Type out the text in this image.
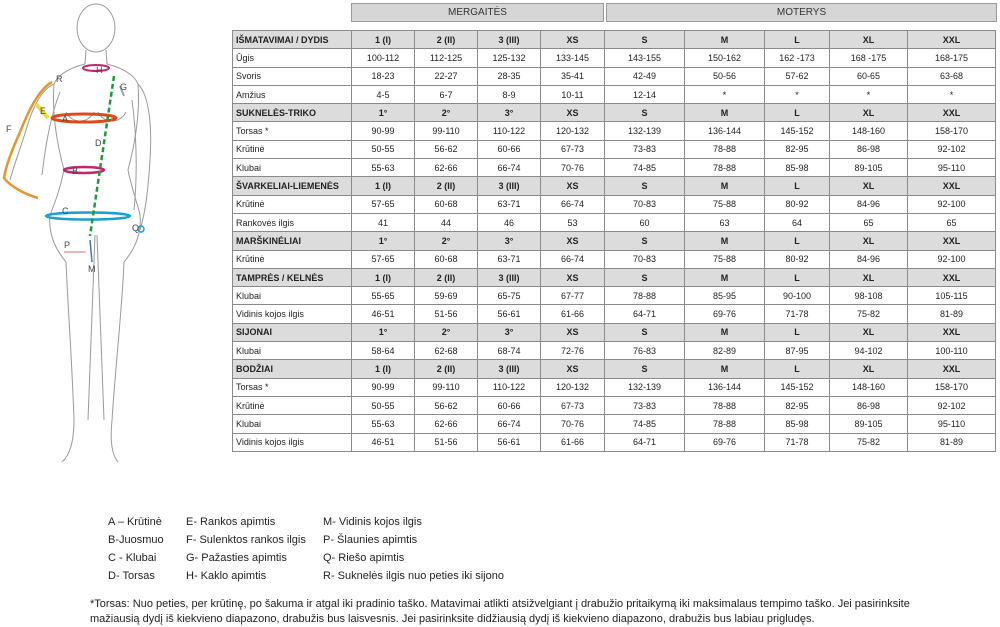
R
H
G
E
A
F
D
B
C
Q
P
M
MERGAITĖS	MOTERYS
IŠMATAVIMAI / DYDIS	1 (I)	2 (II)	3 (III)	XS	S	M	L	XL	XXL
Ūgis	100-112	112-125	125-132	133-145	143-155	150-162	162 -173	168 -175	168-175
Svoris	18-23	22-27	28-35	35-41	42-49	50-56	57-62	60-65	63-68
Amžius	4-5	6-7	8-9	10-11	12-14	*	*	*	*
SUKNELĖS-TRIKO	1°	2°	3°	XS	S	M	L	XL	XXL
Torsas *	90-99	99-110	110-122	120-132	132-139	136-144	145-152	148-160	158-170
Krūtinė	50-55	56-62	60-66	67-73	73-83	78-88	82-95	86-98	92-102
Klubai	55-63	62-66	66-74	70-76	74-85	78-88	85-98	89-105	95-110
ŠVARKELIAI-LIEMENĖS	1 (I)	2 (II)	3 (III)	XS	S	M	L	XL	XXL
Krūtinė	57-65	60-68	63-71	66-74	70-83	75-88	80-92	84-96	92-100
Rankovės ilgis	41	44	46	53	60	63	64	65	65
MARŠKINĖLIAI	1°	2°	3°	XS	S	M	L	XL	XXL
Krūtinė	57-65	60-68	63-71	66-74	70-83	75-88	80-92	84-96	92-100
TAMPRĖS / KELNĖS	1 (I)	2 (II)	3 (III)	XS	S	M	L	XL	XXL
Klubai	55-65	59-69	65-75	67-77	78-88	85-95	90-100	98-108	105-115
Vidinis kojos ilgis	46-51	51-56	56-61	61-66	64-71	69-76	71-78	75-82	81-89
SIJONAI	1°	2°	3°	XS	S	M	L	XL	XXL
Klubai	58-64	62-68	68-74	72-76	76-83	82-89	87-95	94-102	100-110
BODŽIAI	1 (I)	2 (II)	3 (III)	XS	S	M	L	XL	XXL
Torsas *	90-99	99-110	110-122	120-132	132-139	136-144	145-152	148-160	158-170
Krūtinė	50-55	56-62	60-66	67-73	73-83	78-88	82-95	86-98	92-102
Klubai	55-63	62-66	66-74	70-76	74-85	78-88	85-98	89-105	95-110
Vidinis kojos ilgis	46-51	51-56	56-61	61-66	64-71	69-76	71-78	75-82	81-89
A – Krūtinė
B-Juosmuo
C - Klubai
D- Torsas
E- Rankos apimtis
F- Sulenktos rankos ilgis
G- Pažasties apimtis
H- Kaklo apimtis
M- Vidinis kojos ilgis
P- Šlaunies apimtis
Q- Riešo apimtis
R- Suknelės ilgis nuo peties iki sijono
*Torsas: Nuo peties, per krūtinę, po šakuma ir atgal iki pradinio taško. Matavimai atlikti atsižvelgiant į drabužio pritaikymą iki maksimalaus tempimo taško. Jei pasirinksite
mažiausią dydį iš kiekvieno diapazono, drabužis bus laisvesnis. Jei pasirinksite didžiausią dydį iš kiekvieno diapazono, drabužis bus labiau prigludęs.
